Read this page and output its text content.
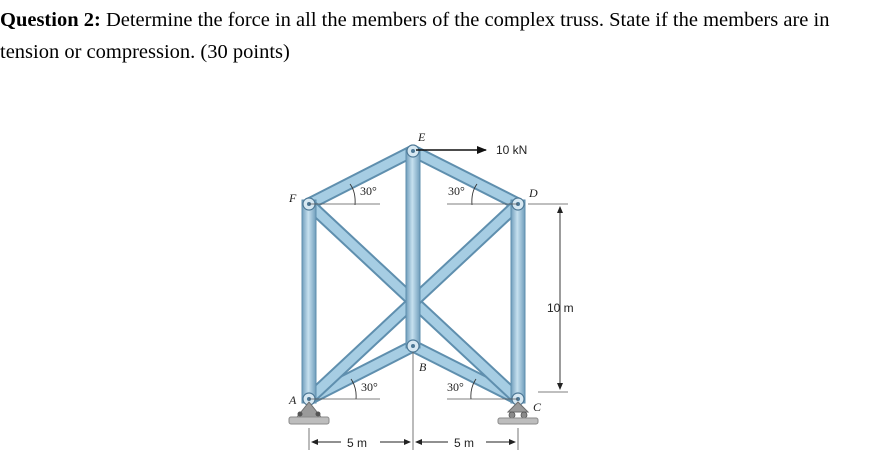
Question 2: Determine the force in all the members of the complex truss. State if the members are in tension or compression. (30 points)
E
F	D
B
A	C
30°	30°
30°	30°
10 kN
10 m
5 m	5 m
